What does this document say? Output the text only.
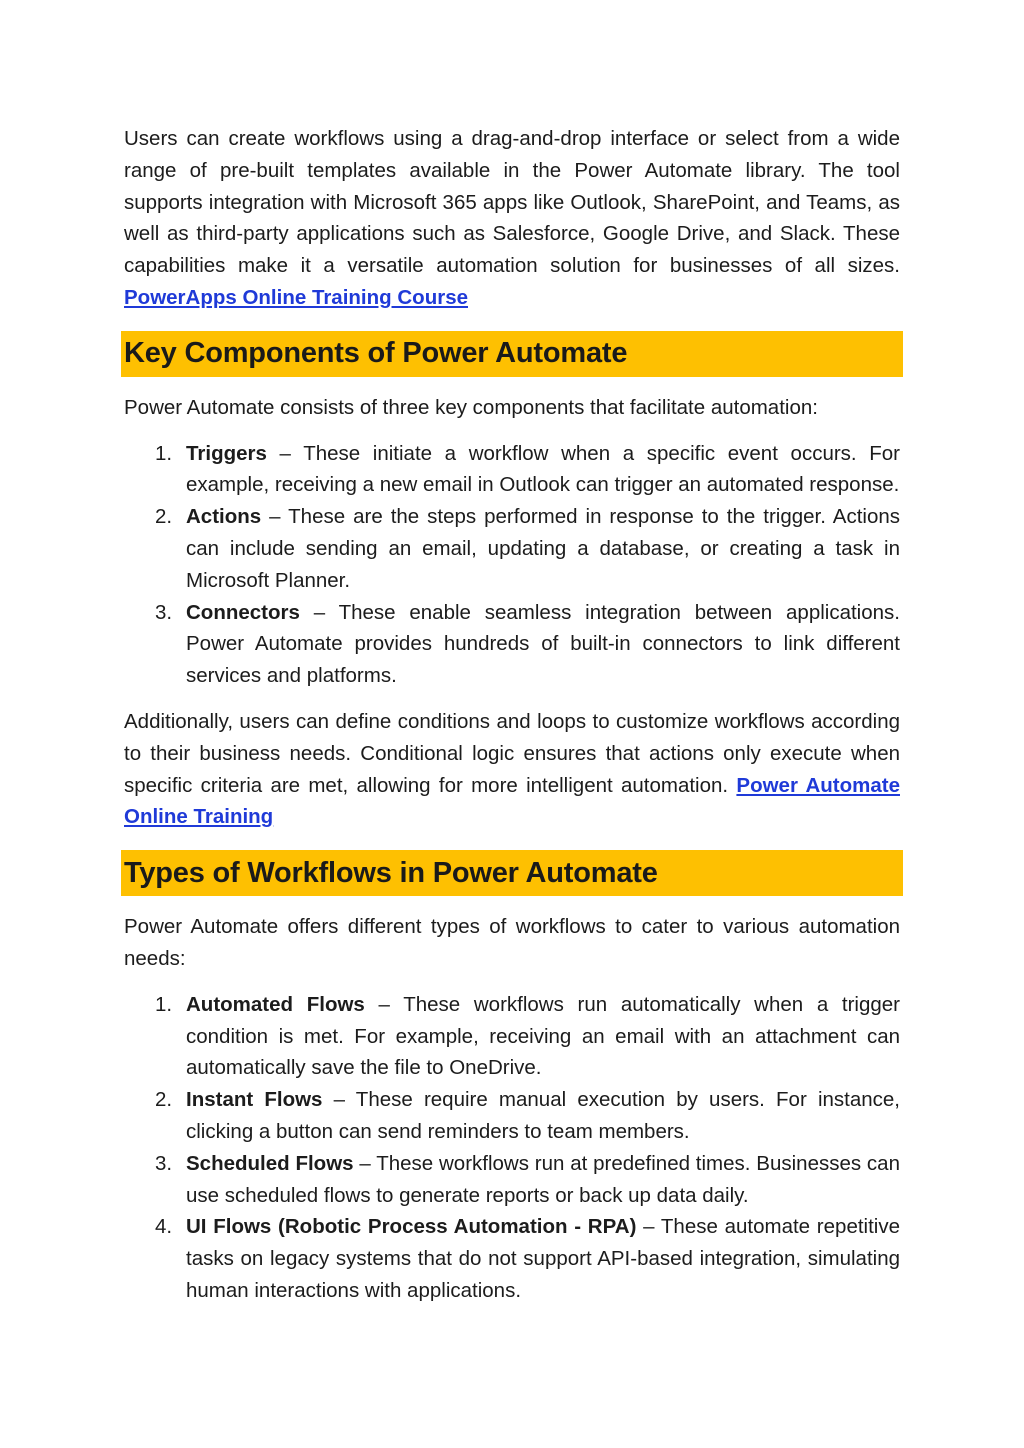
Users can create workflows using a drag-and-drop interface or select from a wide range of pre-built templates available in the Power Automate library. The tool supports integration with Microsoft 365 apps like Outlook, SharePoint, and Teams, as well as third-party applications such as Salesforce, Google Drive, and Slack. These capabilities make it a versatile automation solution for businesses of all sizes. PowerApps Online Training Course

Key Components of Power Automate

Power Automate consists of three key components that facilitate automation:

1. Triggers – These initiate a workflow when a specific event occurs. For example, receiving a new email in Outlook can trigger an automated response.
2. Actions – These are the steps performed in response to the trigger. Actions can include sending an email, updating a database, or creating a task in Microsoft Planner.
3. Connectors – These enable seamless integration between applications. Power Automate provides hundreds of built-in connectors to link different services and platforms.

Additionally, users can define conditions and loops to customize workflows according to their business needs. Conditional logic ensures that actions only execute when specific criteria are met, allowing for more intelligent automation. Power Automate Online Training

Types of Workflows in Power Automate

Power Automate offers different types of workflows to cater to various automation needs:

1. Automated Flows – These workflows run automatically when a trigger condition is met. For example, receiving an email with an attachment can automatically save the file to OneDrive.
2. Instant Flows – These require manual execution by users. For instance, clicking a button can send reminders to team members.
3. Scheduled Flows – These workflows run at predefined times. Businesses can use scheduled flows to generate reports or back up data daily.
4. UI Flows (Robotic Process Automation - RPA) – These automate repetitive tasks on legacy systems that do not support API-based integration, simulating human interactions with applications.
